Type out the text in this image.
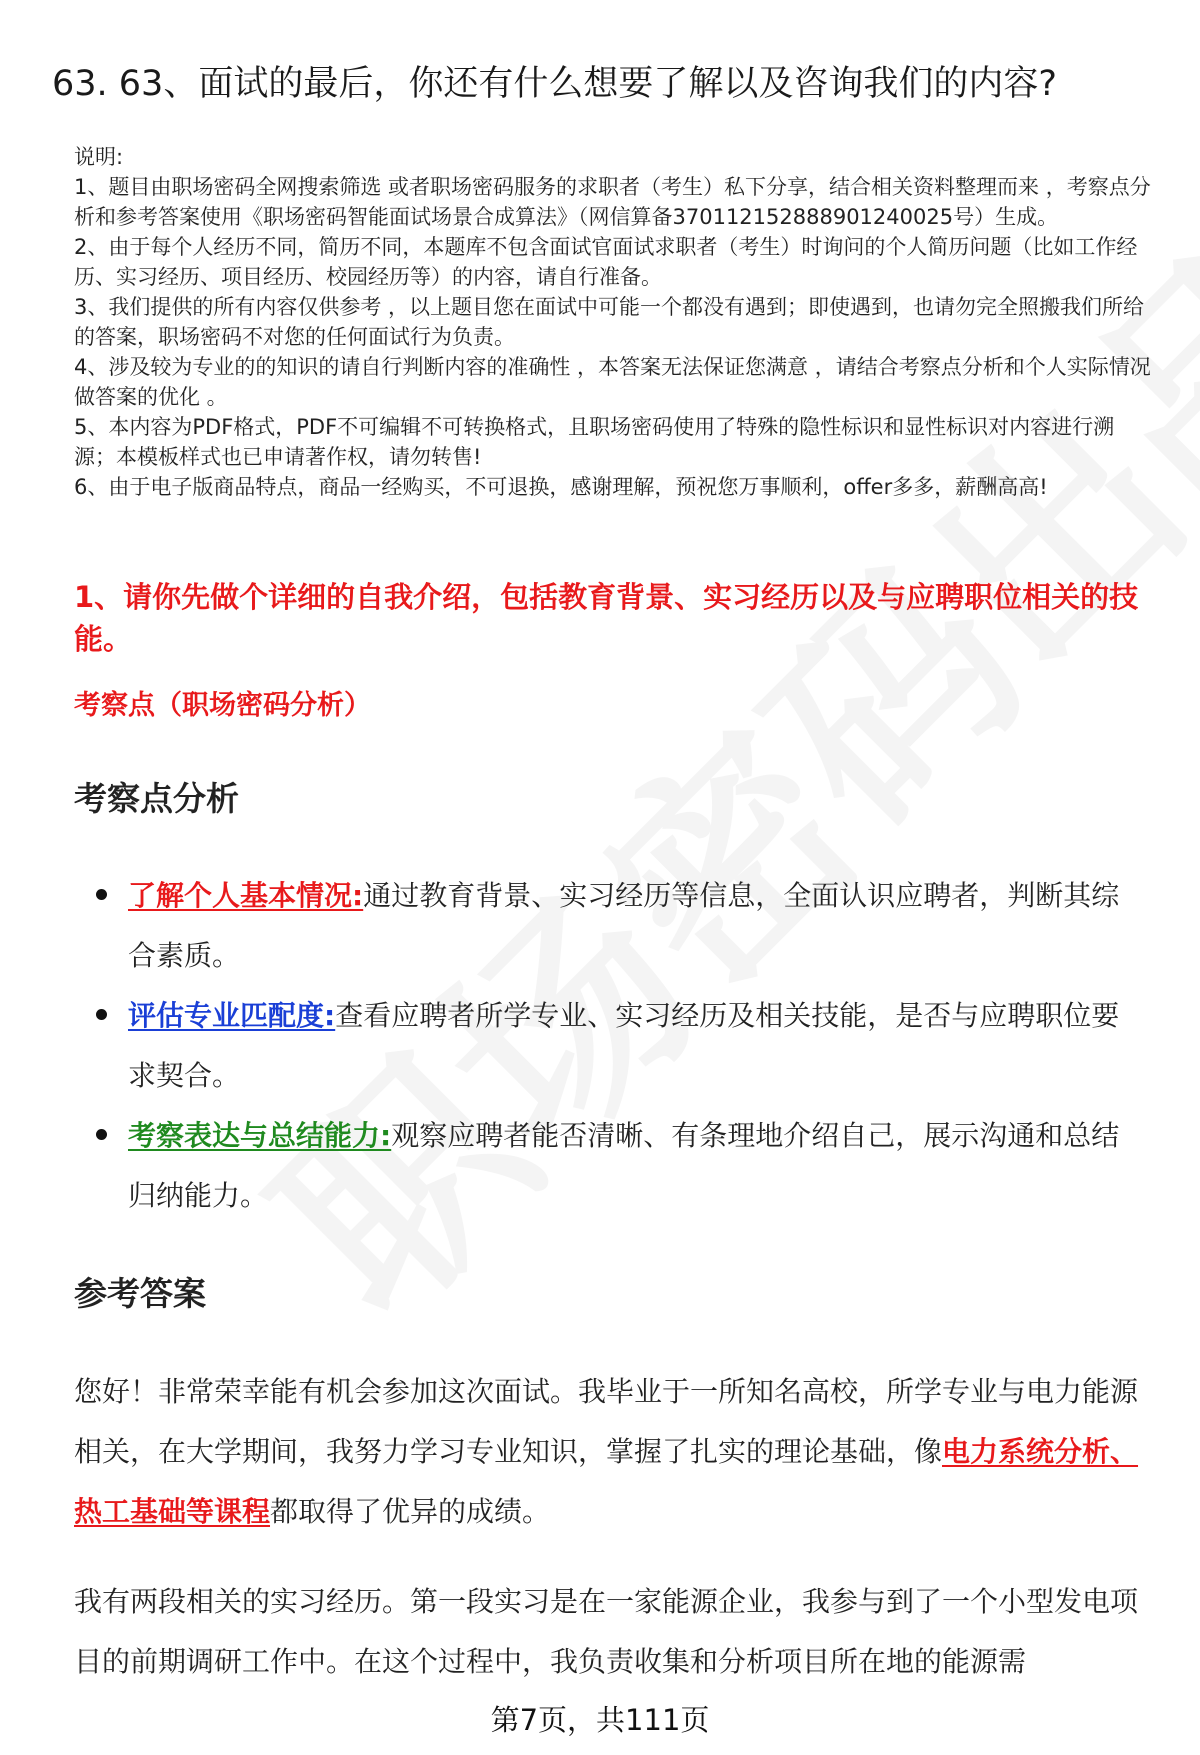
63. 63、面试的最后，你还有什么想要了解以及咨询我们的内容?

说明:

1、题目由职场密码全网搜索筛选 或者职场密码服务的求职者（考生）私下分享，结合相关资料整理而来 ，考察点分析和参考答案使用《职场密码智能面试场景合成算法》（网信算备370112152888901240025号）生成。

2、由于每个人经历不同，简历不同，本题库不包含面试官面试求职者（考生）时询问的个人简历问题（比如工作经历、实习经历、项目经历、校园经历等）的内容，请自行准备。

3、我们提供的所有内容仅供参考 ，以上题目您在面试中可能一个都没有遇到；即使遇到，也请勿完全照搬我们所给的答案，职场密码不对您的任何面试行为负责。

4、涉及较为专业的的知识的请自行判断内容的准确性 ，本答案无法保证您满意 ，请结合考察点分析和个人实际情况做答案的优化 。

5、本内容为PDF格式，PDF不可编辑不可转换格式，且职场密码使用了特殊的隐性标识和显性标识对内容进行溯源；本模板样式也已申请著作权，请勿转售!

6、由于电子版商品特点，商品一经购买，不可退换，感谢理解，预祝您万事顺利，offer多多，薪酬高高!

1、请你先做个详细的自我介绍，包括教育背景、实习经历以及与应聘职位相关的技能。

考察点（职场密码分析）
考察点分析
了解个人基本情况:通过教育背景、实习经历等信息，全面认识应聘者，判断其综合素质。
评估专业匹配度:查看应聘者所学专业、实习经历及相关技能，是否与应聘职位要求契合。
考察表达与总结能力:观察应聘者能否清晰、有条理地介绍自己，展示沟通和总结归纳能力。
参考答案

您好！非常荣幸能有机会参加这次面试。我毕业于一所知名高校，所学专业与电力能源相关，在大学期间，我努力学习专业知识，掌握了扎实的理论基础，像电力系统分析、热工基础等课程都取得了优异的成绩。

我有两段相关的实习经历。第一段实习是在一家能源企业，我参与到了一个小型发电项目的前期调研工作中。在这个过程中，我负责收集和分析项目所在地的能源需

第7页，共111页
